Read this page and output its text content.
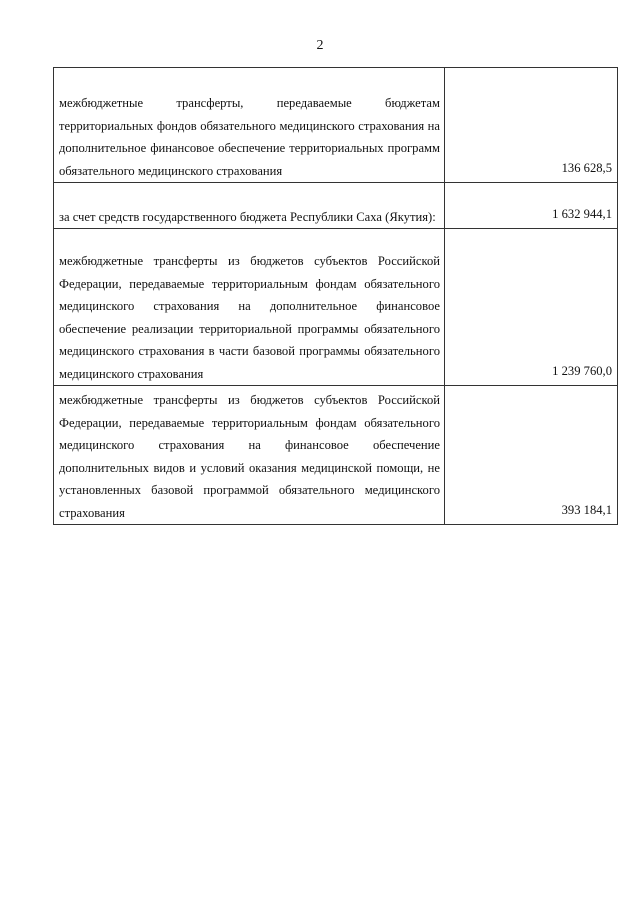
2
межбюджетные трансферты, передаваемые бюджетам территориальных фондов обязательного медицинского страхования на дополнительное финансовое обеспечение территориальных программ обязательного медицинского страхования	136 628,5

за счет средств государственного бюджета Республики Саха (Якутия):	1 632 944,1

межбюджетные трансферты из бюджетов субъектов Российской Федерации, передаваемые территориальным фондам обязательного медицинского страхования на дополнительное финансовое обеспечение реализации территориальной программы обязательного медицинского страхования в части базовой программы обязательного медицинского страхования	1 239 760,0

межбюджетные трансферты из бюджетов субъектов Российской Федерации, передаваемые территориальным фондам обязательного медицинского страхования на финансовое обеспечение дополнительных видов и условий оказания медицинской помощи, не установленных базовой программой обязательного медицинского страхования	393 184,1
